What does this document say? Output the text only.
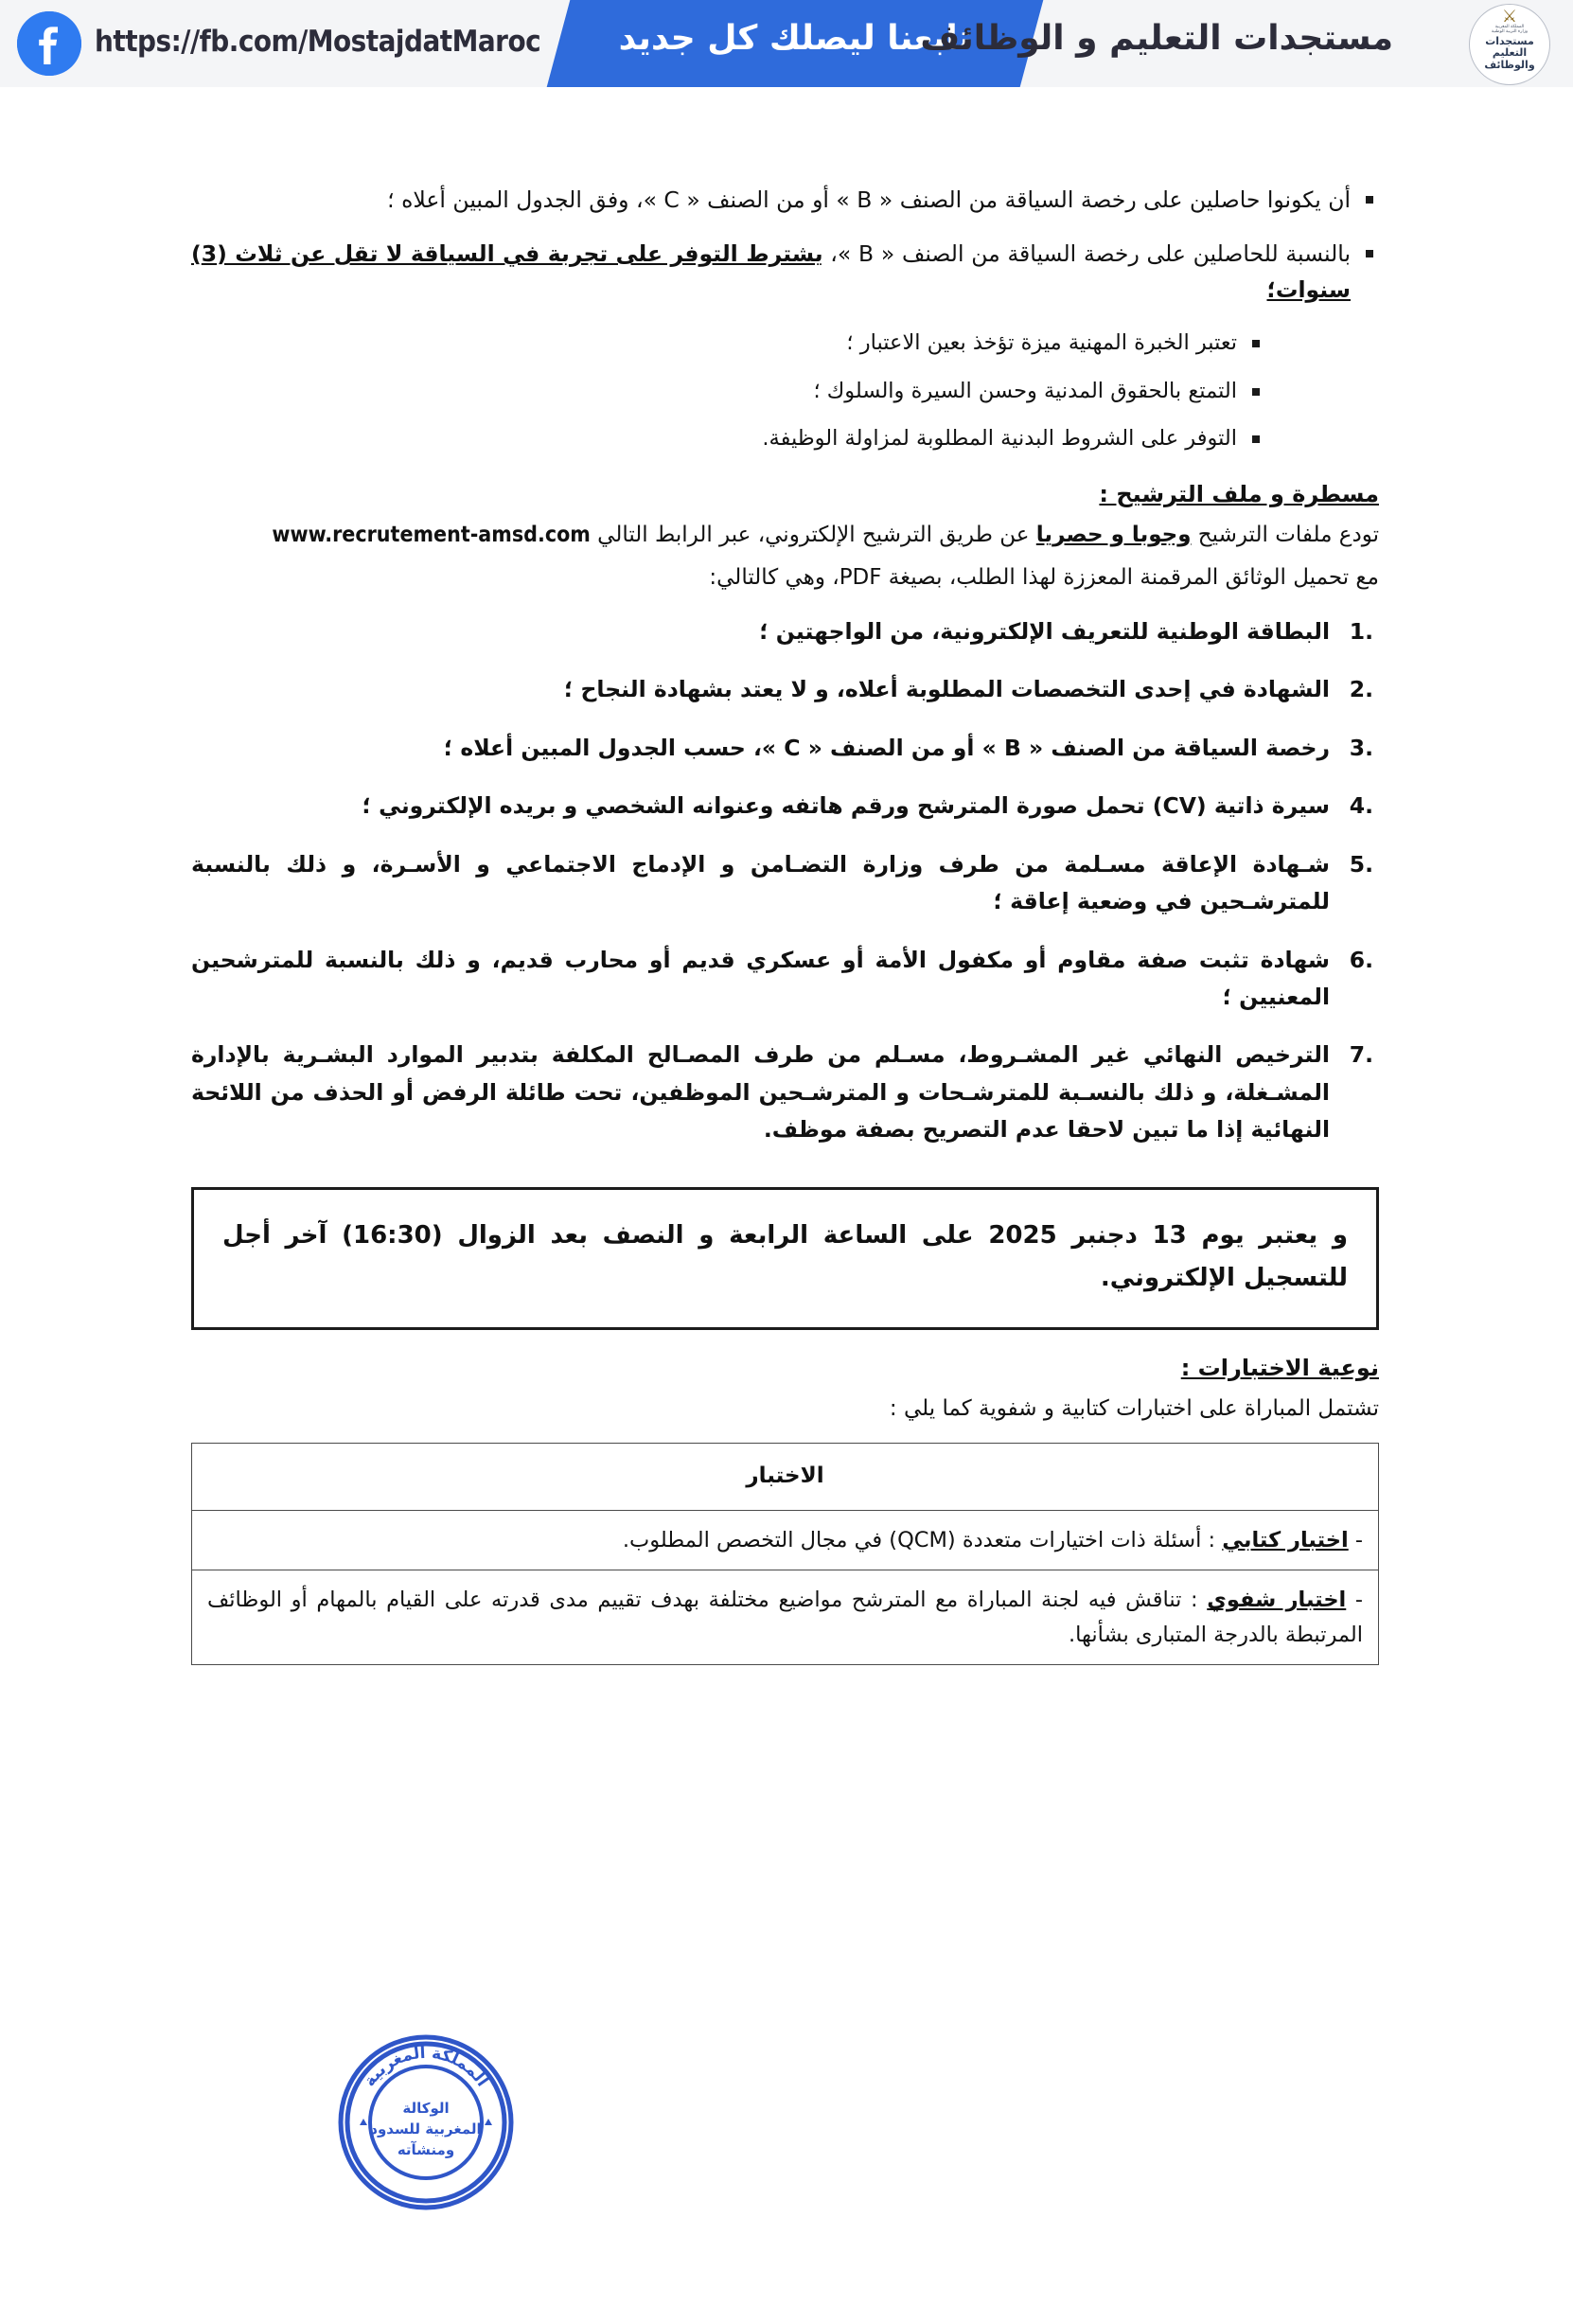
https://fb.com/MostajdatMaroc	تابعنا ليصلك كل جديد
مستجدات التعليم و الوظائف
⚔
المملكة المغربية
وزارة التربية الوطنية
مستجدات التعليم
والوظائف
أن يكونوا حاصلين على رخصة السياقة من الصنف « B » أو من الصنف « C »، وفق الجدول المبين أعلاه ؛
بالنسبة للحاصلين على رخصة السياقة من الصنف « B »، يشترط التوفر على تجربة في السياقة لا تقل عن ثلاث (3) سنوات؛
تعتبر الخبرة المهنية ميزة تؤخذ بعين الاعتبار ؛
التمتع بالحقوق المدنية وحسن السيرة والسلوك ؛
التوفر على الشروط البدنية المطلوبة لمزاولة الوظيفة.
مسطرة و ملف الترشيح :

تودع ملفات الترشيح وجوبا و حصريا عن طريق الترشيح الإلكتروني، عبر الرابط التالي www.recrutement-amsd.com

مع تحميل الوثائق المرقمنة المعززة لهذا الطلب، بصيغة PDF، وهي كالتالي:

البطاقة الوطنية للتعريف الإلكترونية، من الواجهتين ؛
الشهادة في إحدى التخصصات المطلوبة أعلاه، و لا يعتد بشهادة النجاح ؛
رخصة السياقة من الصنف « B » أو من الصنف « C »، حسب الجدول المبين أعلاه ؛
سيرة ذاتية (CV) تحمل صورة المترشح ورقم هاتفه وعنوانه الشخصي و بريده الإلكتروني ؛
شـهادة الإعاقة مسـلمة من طرف وزارة التضـامن و الإدماج الاجتماعي و الأسـرة، و ذلك بالنسبة للمترشـحين في وضعية إعاقة ؛
شهادة تثبت صفة مقاوم أو مكفول الأمة أو عسكري قديم أو محارب قديم، و ذلك بالنسبة للمترشحين المعنيين ؛
الترخيص النهائي غير المشـروط، مسـلم من طرف المصـالح المكلفة بتدبير الموارد البشـرية بالإدارة المشـغلة، و ذلك بالنسـبة للمترشـحات و المترشـحين الموظفين، تحت طائلة الرفض أو الحذف من اللائحة النهائية إذا ما تبين لاحقا عدم التصريح بصفة موظف.

و يعتبر يوم 13 دجنبر 2025 على الساعة الرابعة و النصف بعد الزوال (16:30) آخر أجل للتسجيل الإلكتروني.

نوعية الاختبارات :

تشتمل المباراة على اختبارات كتابية و شفوية كما يلي :

الاختبار
- اختبار كتابي : أسئلة ذات اختيارات متعددة (QCM) في مجال التخصص المطلوب.
- اختبار شفوي : تناقش فيه لجنة المباراة مع المترشح مواضيع مختلفة بهدف تقييم مدى قدرته على القيام بالمهام أو الوظائف المرتبطة بالدرجة المتبارى بشأنها.
المملكة المغربية
الوكالة
المغربية للسدود
ومنشآته
